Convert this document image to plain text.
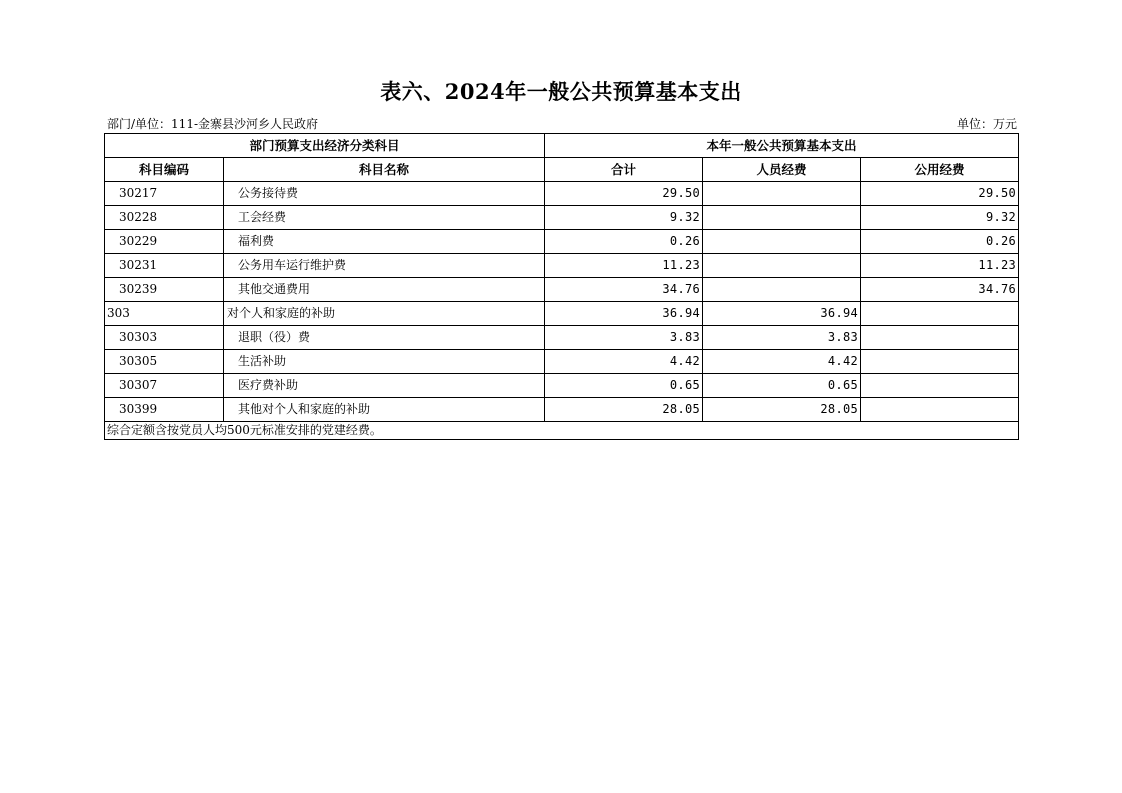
表六、2024年一般公共预算基本支出
部门/单位：111-金寨县沙河乡人民政府	单位：万元
部门预算支出经济分类科目		本年一般公共预算基本支出		
科目编码	科目名称	合计	人员经费	公用经费
30217	公务接待费	29.50		29.50
30228	工会经费	9.32		9.32
30229	福利费	0.26		0.26
30231	公务用车运行维护费	11.23		11.23
30239	其他交通费用	34.76		34.76
303	对个人和家庭的补助	36.94	36.94	
30303	退职（役）费	3.83	3.83	
30305	生活补助	4.42	4.42	
30307	医疗费补助	0.65	0.65	
30399	其他对个人和家庭的补助	28.05	28.05	
综合定额含按党员人均500元标准安排的党建经费。				
